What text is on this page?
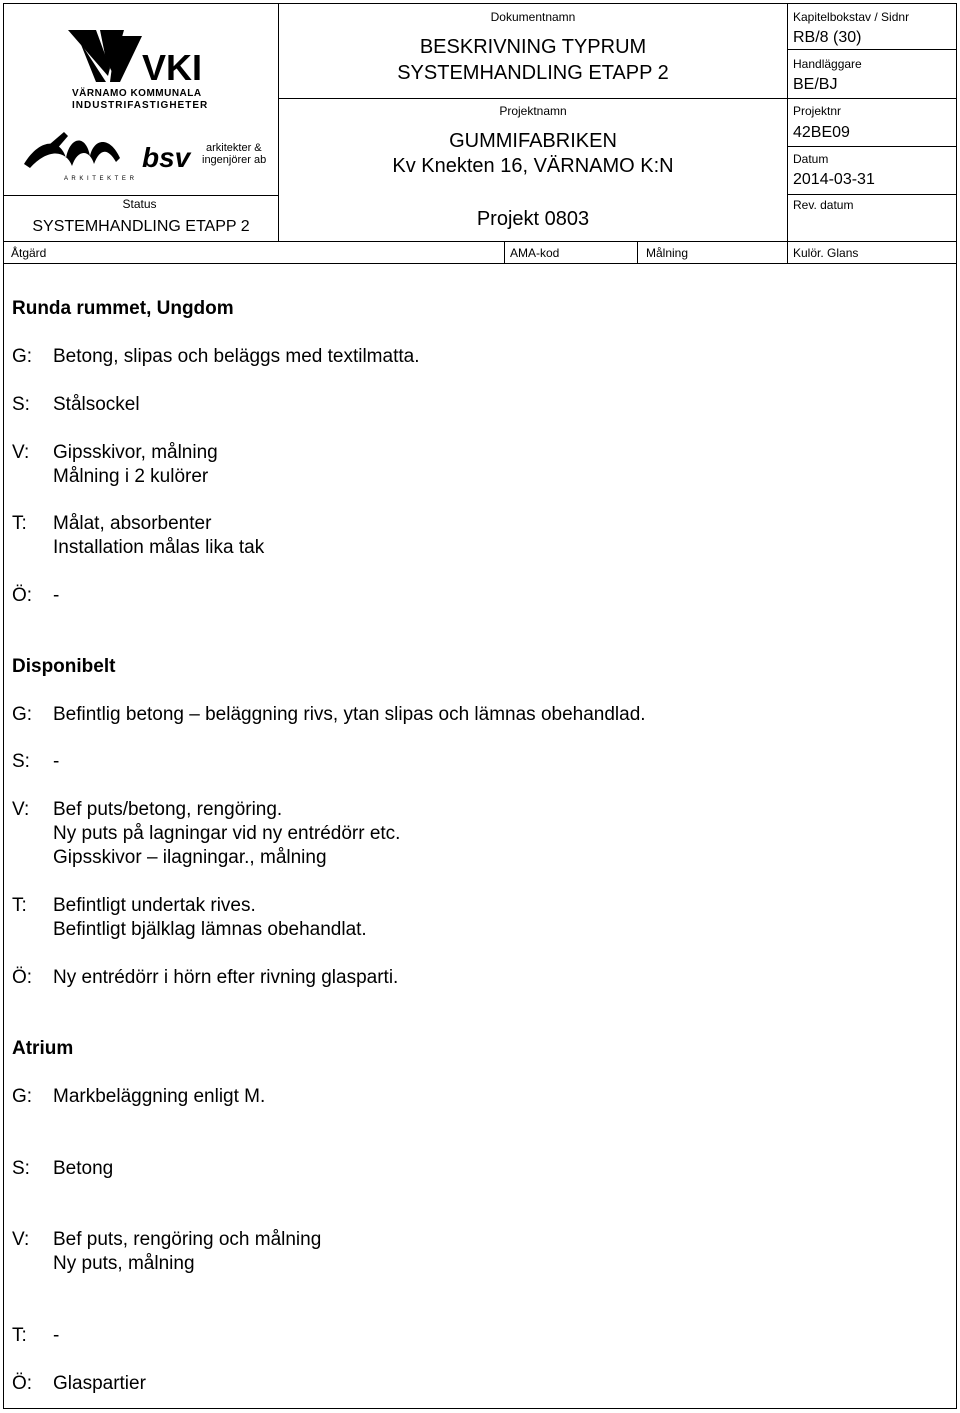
VKI
VÄRNAMO KOMMUNALA
INDUSTRIFASTIGHETER
bsv arkitekter &
ingenjörer ab
A R K I T E K T E R
Status
SYSTEMHANDLING ETAPP 2
Dokumentnamn
BESKRIVNING TYPRUM
SYSTEMHANDLING ETAPP 2
Projektnamn
GUMMIFABRIKEN
Kv Knekten 16, VÄRNAMO K:N
Projekt 0803
Kapitelbokstav / Sidnr
RB/8 (30)
Handläggare
BE/BJ
Projektnr
42BE09
Datum
2014-03-31
Rev. datum
Åtgärd	AMA-kod	Målning	Kulör. Glans
Runda rummet, Ungdom
G:	Betong, slipas och beläggs med textilmatta.
S:	Stålsockel
V:	Gipsskivor, målning
Målning i 2 kulörer
T:	Målat, absorbenter
Installation målas lika tak
Ö:	-
Disponibelt
G:	Befintlig betong – beläggning rivs, ytan slipas och lämnas obehandlad.
S:	-
V:	Bef puts/betong, rengöring.
Ny puts på lagningar vid ny entrédörr etc.
Gipsskivor – ilagningar., målning
T:	Befintligt undertak rives.
Befintligt bjälklag lämnas obehandlat.
Ö:	Ny entrédörr i hörn efter rivning glasparti.
Atrium
G:	Markbeläggning enligt M.
S:	Betong
V:	Bef puts, rengöring och målning
Ny puts, målning
T:	-
Ö:	Glaspartier
